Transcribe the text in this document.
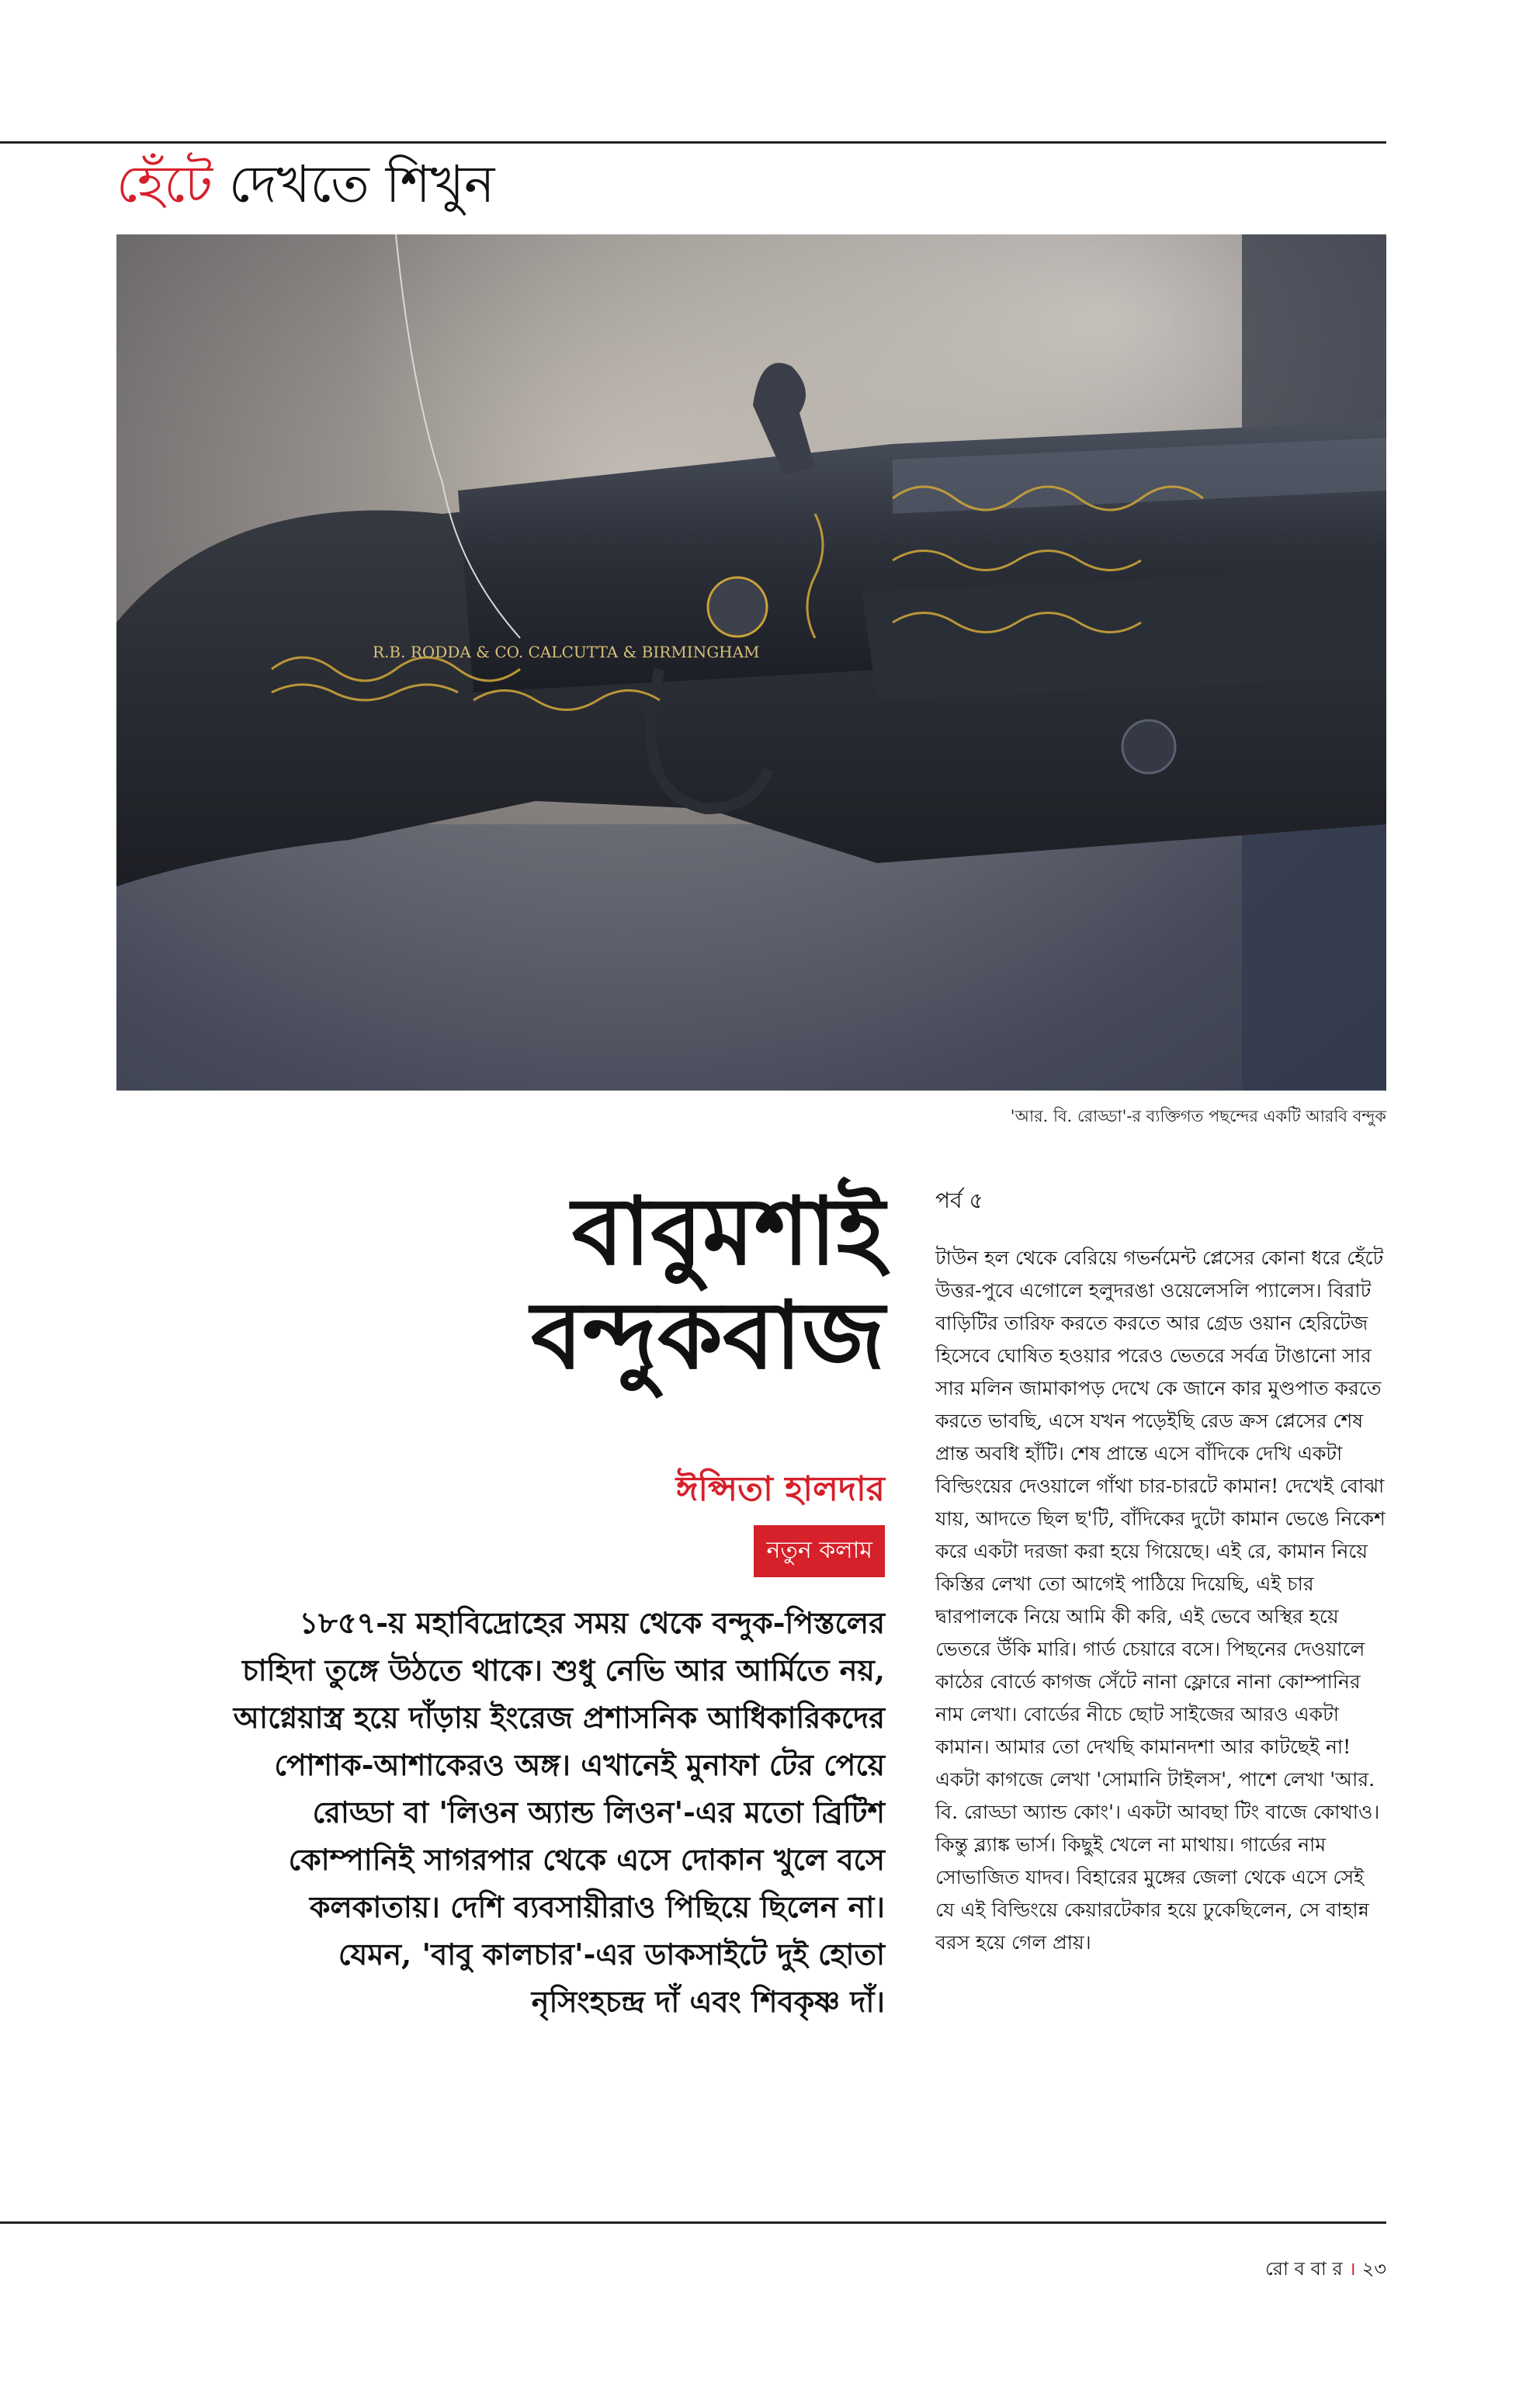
হেঁটে দেখতে শিখুন
R.B. RODDA & CO. CALCUTTA & BIRMINGHAM
'আর. বি. রোড্ডা'-র ব্যক্তিগত পছন্দের একটি আরবি বন্দুক
বাবুমশাই
বন্দুকবাজ
ঈপ্সিতা হালদার
নতুন কলাম

১৮৫৭-য় মহাবিদ্রোহের সময় থেকে বন্দুক-পিস্তলের চাহিদা তুঙ্গে উঠতে থাকে। শুধু নেভি আর আর্মিতে নয়, আগ্নেয়াস্ত্র হয়ে দাঁড়ায় ইংরেজ প্রশাসনিক আধিকারিকদের পোশাক-আশাকেরও অঙ্গ। এখানেই মুনাফা টের পেয়ে রোড্ডা বা 'লিওন অ্যান্ড লিওন'-এর মতো ব্রিটিশ কোম্পানিই সাগরপার থেকে এসে দোকান খুলে বসে কলকাতায়। দেশি ব্যবসায়ীরাও পিছিয়ে ছিলেন না। যেমন, 'বাবু কালচার'-এর ডাকসাইটে দুই হোতা নৃসিংহচন্দ্র দাঁ এবং শিবকৃষ্ণ দাঁ।

পর্ব ৫

টাউন হল থেকে বেরিয়ে গভর্নমেন্ট প্লেসের কোনা ধরে হেঁটে উত্তর-পুবে এগোলে হলুদরঙা ওয়েলেসলি প্যালেস। বিরাট বাড়িটির তারিফ করতে করতে আর গ্রেড ওয়ান হেরিটেজ হিসেবে ঘোষিত হওয়ার পরেও ভেতরে সর্বত্র টাঙানো সার সার মলিন জামাকাপড় দেখে কে জানে কার মুণ্ডপাত করতে করতে ভাবছি, এসে যখন পড়েইছি রেড ক্রস প্লেসের শেষ প্রান্ত অবধি হাঁটি। শেষ প্রান্তে এসে বাঁদিকে দেখি একটা বিল্ডিংয়ের দেওয়ালে গাঁথা চার-চারটে কামান! দেখেই বোঝা যায়, আদতে ছিল ছ'টি, বাঁদিকের দুটো কামান ভেঙে নিকেশ করে একটা দরজা করা হয়ে গিয়েছে। এই রে, কামান নিয়ে কিস্তির লেখা তো আগেই পাঠিয়ে দিয়েছি, এই চার দ্বারপালকে নিয়ে আমি কী করি, এই ভেবে অস্থির হয়ে ভেতরে উঁকি মারি। গার্ড চেয়ারে বসে। পিছনের দেওয়ালে কাঠের বোর্ডে কাগজ সেঁটে নানা ফ্লোরে নানা কোম্পানির নাম লেখা। বোর্ডের নীচে ছোট সাইজের আরও একটা কামান। আমার তো দেখছি কামানদশা আর কাটছেই না! একটা কাগজে লেখা 'সোমানি টাইলস', পাশে লেখা 'আর. বি. রোড্ডা অ্যান্ড কোং'। একটা আবছা টিং বাজে কোথাও। কিন্তু ব্ল্যাঙ্ক ভার্স। কিছুই খেলে না মাথায়। গার্ডের নাম সোভাজিত যাদব। বিহারের মুঙ্গের জেলা থেকে এসে সেই যে এই বিল্ডিংয়ে কেয়ারটেকার হয়ে ঢুকেছিলেন, সে বাহান্ন বরস হয়ে গেল প্রায়।

রো ব বা র । ২৩
